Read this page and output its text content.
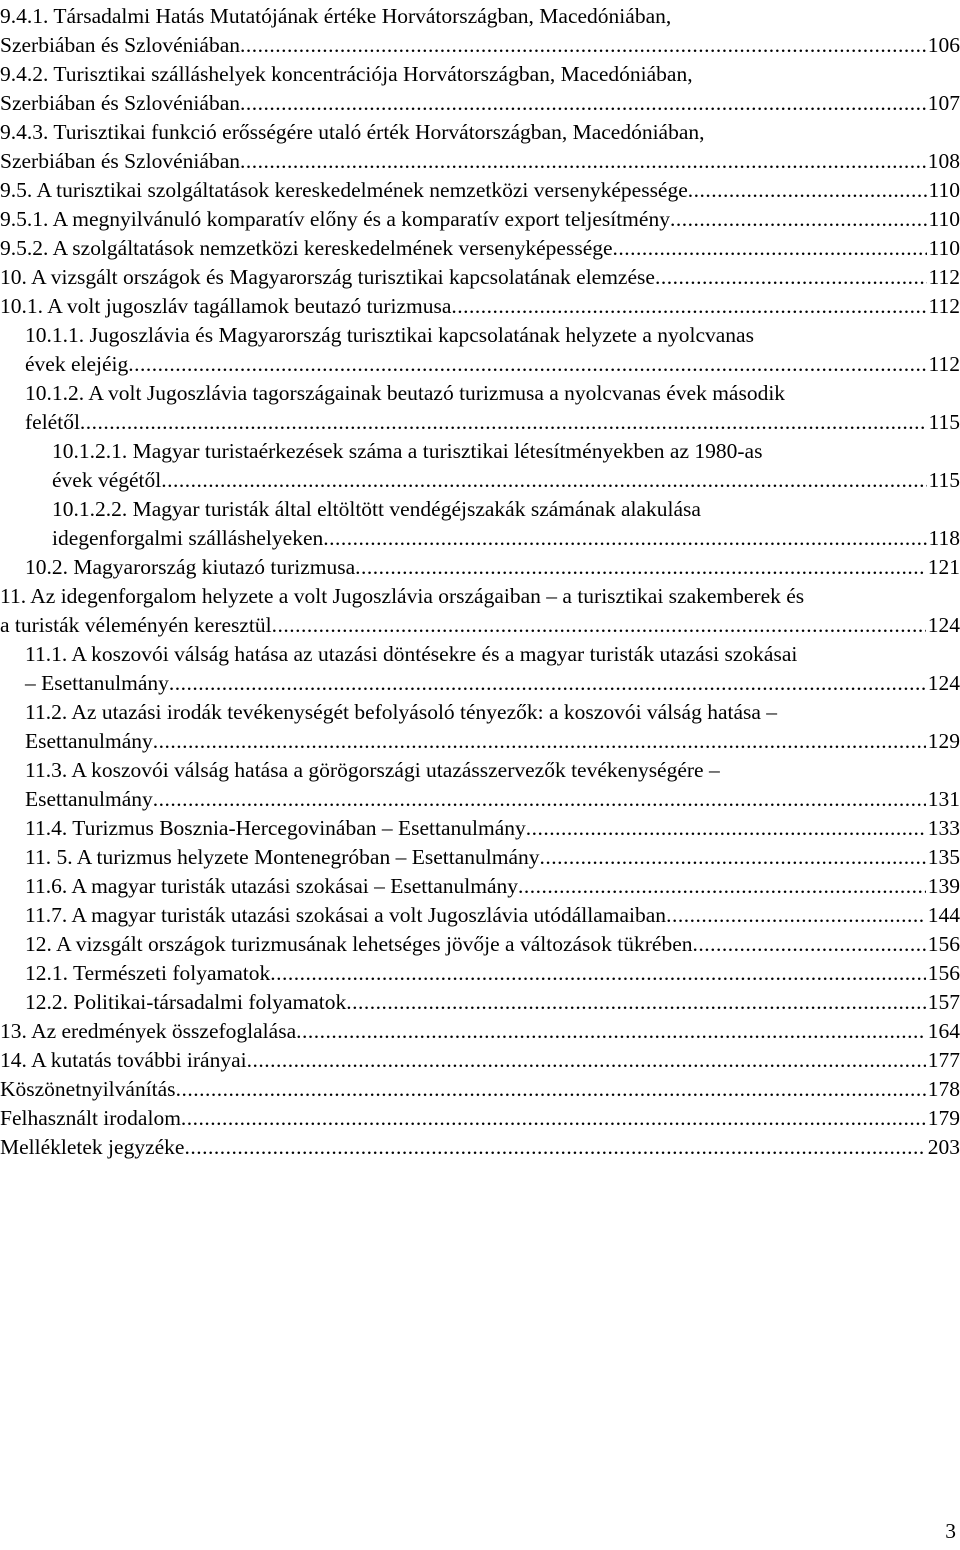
9.4.1. Társadalmi Hatás Mutatójának értéke Horvátországban, Macedóniában,
Szerbiában és Szlovéniában .....	106
9.4.2. Turisztikai szálláshelyek koncentrációja Horvátországban, Macedóniában,
Szerbiában és Szlovéniában .....	107
9.4.3. Turisztikai funkció erősségére utaló érték Horvátországban, Macedóniában,
Szerbiában és Szlovéniában .....	108
9.5. A turisztikai szolgáltatások kereskedelmének nemzetközi versenyképessége .....	110
9.5.1. A megnyilvánuló komparatív előny és a komparatív export teljesítmény .....	110
9.5.2. A szolgáltatások nemzetközi kereskedelmének versenyképessége .....	110
10. A vizsgált országok és Magyarország turisztikai kapcsolatának elemzése .....	112
10.1. A volt jugoszláv tagállamok beutazó turizmusa .....	112
10.1.1. Jugoszlávia és Magyarország turisztikai kapcsolatának helyzete a nyolcvanas
évek elejéig .....	112
10.1.2. A volt Jugoszlávia tagországainak beutazó turizmusa a nyolcvanas évek második
felétől .....	115
10.1.2.1. Magyar turistaérkezések száma a turisztikai létesítményekben az 1980-as
évek végétől .....	115
10.1.2.2. Magyar turisták által eltöltött vendégéjszakák számának alakulása
idegenforgalmi szálláshelyeken .....	118
10.2. Magyarország kiutazó turizmusa .....	121
11. Az idegenforgalom helyzete a volt Jugoszlávia országaiban – a turisztikai szakemberek és
a turisták véleményén keresztül .....	124
11.1. A koszovói válság hatása az utazási döntésekre és a magyar turisták utazási szokásai
– Esettanulmány .....	124
11.2. Az utazási irodák tevékenységét befolyásoló tényezők: a koszovói válság hatása –
Esettanulmány .....	129
11.3. A koszovói válság hatása a görögországi utazásszervezők tevékenységére –
Esettanulmány .....	131
11.4. Turizmus Bosznia-Hercegovinában – Esettanulmány .....	133
11. 5. A turizmus helyzete Montenegróban – Esettanulmány .....	135
11.6. A magyar turisták utazási szokásai – Esettanulmány .....	139
11.7. A magyar turisták utazási szokásai a volt Jugoszlávia utódállamaiban .....	144
12. A vizsgált országok turizmusának lehetséges jövője a változások tükrében .....	156
12.1. Természeti folyamatok .....	156
12.2. Politikai-társadalmi folyamatok .....	157
13. Az eredmények összefoglalása .....	164
14. A kutatás további irányai .....	177
Köszönetnyilvánítás .....	178
Felhasznált irodalom .....	179
Mellékletek jegyzéke .....	203
3
